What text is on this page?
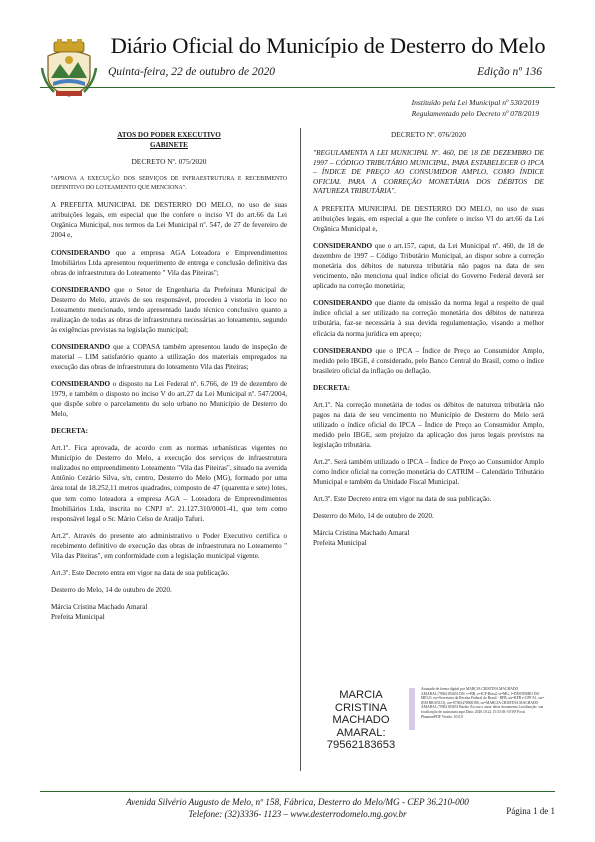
Diário Oficial do Município de Desterro do Melo
Quinta-feira, 22 de outubro de 2020	Edição nº 136
Instituído pela Lei Municipal nº 530/2019
Regulamentado pelo Decreto nº 078/2019

ATOS DO PODER EXECUTIVO

GABINETE

DECRETO Nº. 075/2020

"APROVA A EXECUÇÃO DOS SERVIÇOS DE INFRAESTRUTURA E RECEBIMENTO DEFINITIVO DO LOTEAMENTO QUE MENCIONA".

A PREFEITA MUNICIPAL DE DESTERRO DO MELO, no uso de suas atribuições legais, em especial que lhe confere o inciso VI do art.66 da Lei Orgânica Municipal, nos termos da Lei Municipal nº. 547, de 27 de fevereiro de 2004 e,

CONSIDERANDO que a empresa AGA Loteadora e Empreendimentos Imobiliários Ltda apresentou requerimento de entrega e conclusão definitiva das obras de infraestrutura do Loteamento " Vila das Piteiras";

CONSIDERANDO que o Setor de Engenharia da Prefeitura Municipal de Desterro do Melo, através de seu responsável, procedeu à vistoria in loco no Loteamento mencionado, tendo apresentado laudo técnico conclusivo quanto a realização de todas as obras de infraestrutura necessárias ao loteamento, segundo às exigências previstas na legislação municipal;

CONSIDERANDO que a COPASA também apresentou laudo de inspeção de material – LIM satisfatório quanto a utilização dos materiais empregados na execução das obras de infraestrutura do loteamento Vila das Piteiras;

CONSIDERANDO o disposto na Lei Federal nº. 6.766, de 19 de dezembro de 1979, e também o disposto no inciso V do art.27 da Lei Municipal nº. 547/2004, que dispõe sobre o parcelamento do solo urbano no Município de Desterro do Melo,

DECRETA:

Art.1º. Fica aprovada, de acordo com as normas urbanísticas vigentes no Município de Desterro do Melo, a execução dos serviços de infraestrutura realizados no empreendimento Loteamento "Vila das Piteiras", situado na avenida Antônio Cezário Silva, s/n, centro, Desterro do Melo (MG), formado por uma área total de 18.252,11 metros quadrados, composto de 47 (quarenta e sete) lotes, que tem como loteadora a empresa AGA – Loteadora de Empreendimentos Imobiliários Ltda, inscrita no CNPJ nº. 21.127.310/0001-41, que tem como responsável legal o Sr. Mário Celso de Araújo Tafuri.

Art.2º. Através do presente ato administrativo o Poder Executivo certifica o recebimento definitivo de execução das obras de infraestrutura no Loteamento " Vila das Piteiras", em conformidade com a legislação municipal vigente.

Art.3º. Este Decreto entra em vigor na data de sua publicação.

Desterro do Melo, 14 de outubro de 2020.

Márcia Cristina Machado Amaral

Prefeita Municipal

DECRETO Nº. 076/2020

"REGULAMENTA A LEI MUNICIPAL Nº. 460, DE 18 DE DEZEMBRO DE 1997 – CÓDIGO TRIBUTÁRIO MUNICIPAL, PARA ESTABELECER O IPCA – ÍNDICE DE PREÇO AO CONSUMIDOR AMPLO, COMO ÍNDICE OFICIAL PARA A CORREÇÃO MONETÁRIA DOS DÉBITOS DE NATUREZA TRIBUTÁRIA".

A PREFEITA MUNICIPAL DE DESTERRO DO MELO, no uso de suas atribuições legais, em especial a que lhe confere o inciso VI do art.66 da Lei Orgânica Municipal e,

CONSIDERANDO que o art.157, caput, da Lei Municipal nº. 460, de 18 de dezembro de 1997 – Código Tributário Municipal, ao dispor sobre a correção monetária dos débitos de natureza tributária não pagos na data de seu vencimento, não menciona qual índice oficial do Governo Federal deverá ser aplicado na correção monetária;

CONSIDERANDO que diante da omissão da norma legal a respeito de qual índice oficial a ser utilizado na correção monetária dos débitos de natureza tributária, faz-se necessária à sua devida regulamentação, visando a melhor eficácia da norma jurídica em apreço;

CONSIDERANDO que o IPCA – Índice de Preço ao Consumidor Amplo, medido pelo IBGE, é considerado, pelo Banco Central do Brasil, como o índice brasileiro oficial da inflação ou deflação.

DECRETA:

Art.1º. Na correção monetária de todos os débitos de natureza tributária não pagos na data de seu vencimento no Município de Desterro do Melo será utilizado o índice oficial do IPCA – Índice de Preço ao Consumidor Amplo, medido pelo IBGE, sem prejuízo da aplicação dos juros legais previstos na legislação tributária.

Art.2º. Será também utilizado o IPCA – Índice de Preço ao Consumidor Amplo como índice oficial na correção monetária do CATRIM – Calendário Tributário Municipal e também da Unidade Fiscal Municipal.

Art.3º. Este Decreto entra em vigor na data de sua publicação.

Desterro do Melo, 14 de outubro de 2020.

Márcia Cristina Machado Amaral

Prefeita Municipal

MARCIA CRISTINA
MACHADO AMARAL:
79562183653
Assinado de forma digital por MARCIA CRISTINA MACHADO AMARAL:79562183653 DN: c=BR, o=ICP-Brasil, st=MG, l=DESTERRO DO MELO, ou=Secretaria da Receita Federal do Brasil - RFB, ou=RFB e-CPF A1, ou=(EM BRANCO), ou=07565478000180, cn=MARCIA CRISTINA MACHADO AMARAL:79562183653 Razão: Eu sou o autor deste documento Localização: sua localização de assinatura aqui Data: 2020.10.22 15:33:03 -03'00' Foxit PhantomPDF Versão: 10.0.0
Avenida Silvério Augusto de Melo, nº 158, Fábrica, Desterro do Melo/MG - CEP 36.210-000
Telefone: (32)3336- 1123 – www.desterrodomelo.mg.gov.br	Página 1 de 1
